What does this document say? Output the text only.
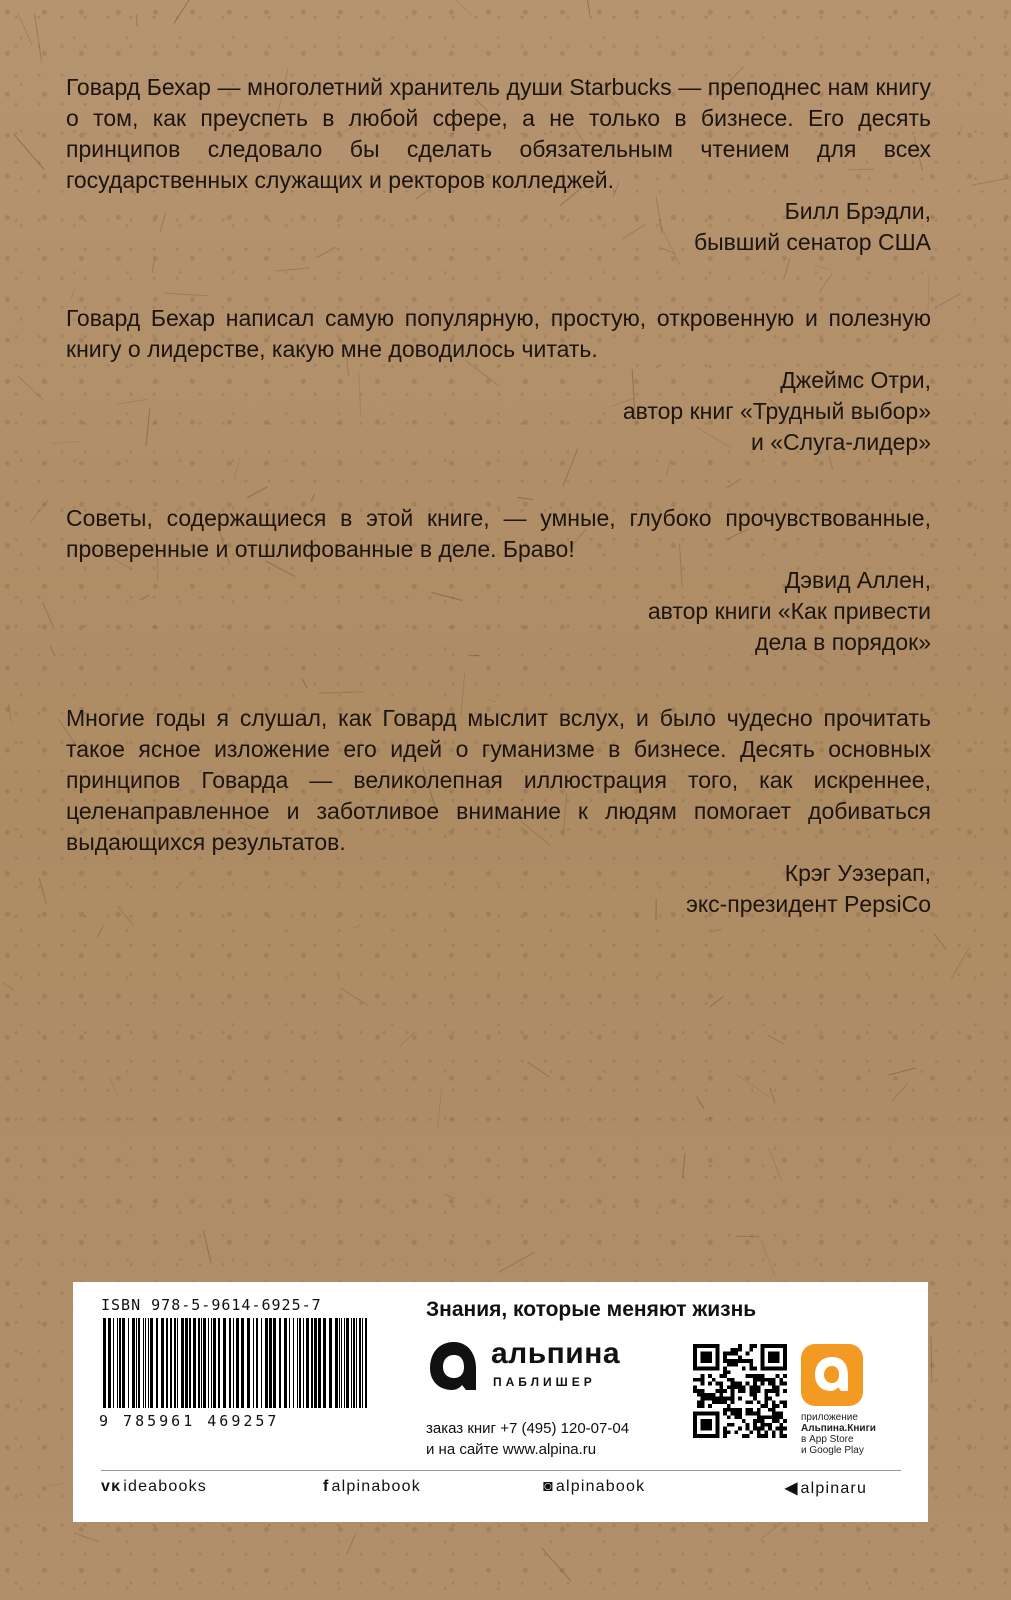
Говард Бехар — многолетний хранитель души Starbucks — преподнес нам книгу о том, как преуспеть в любой сфере, а не только в бизнесе. Его десять принципов следовало бы сделать обязательным чтением для всех государственных служащих и ректоров колледжей.
Билл Брэдли,
бывший сенатор США
Говард Бехар написал самую популярную, простую, откровенную и полезную книгу о лидерстве, какую мне доводилось читать.
Джеймс Отри,
автор книг «Трудный выбор»
и «Слуга-лидер»
Советы, содержащиеся в этой книге, — умные, глубоко прочувствованные, проверенные и отшлифованные в деле. Браво!
Дэвид Аллен,
автор книги «Как привести
дела в порядок»
Многие годы я слушал, как Говард мыслит вслух, и было чудесно прочитать такое ясное изложение его идей о гуманизме в бизнесе. Десять основных принципов Говарда — великолепная иллюстрация того, как искреннее, целенаправленное и заботливое внимание к людям помогает добиваться выдающихся результатов.
Крэг Уэзерап,
экс-президент PepsiCo
ISBN 978-5-9614-6925-7
9 785961 469257
Знания, которые меняют жизнь
альпина
ПАБЛИШЕР
заказ книг +7 (495) 120-07-04
и на сайте www.alpina.ru
приложение
Альпина.Книги
в App Store
и Google Play
ᴠᴋ ideabooks	f alpinabook	◙ alpinabook	◀ alpinaru
